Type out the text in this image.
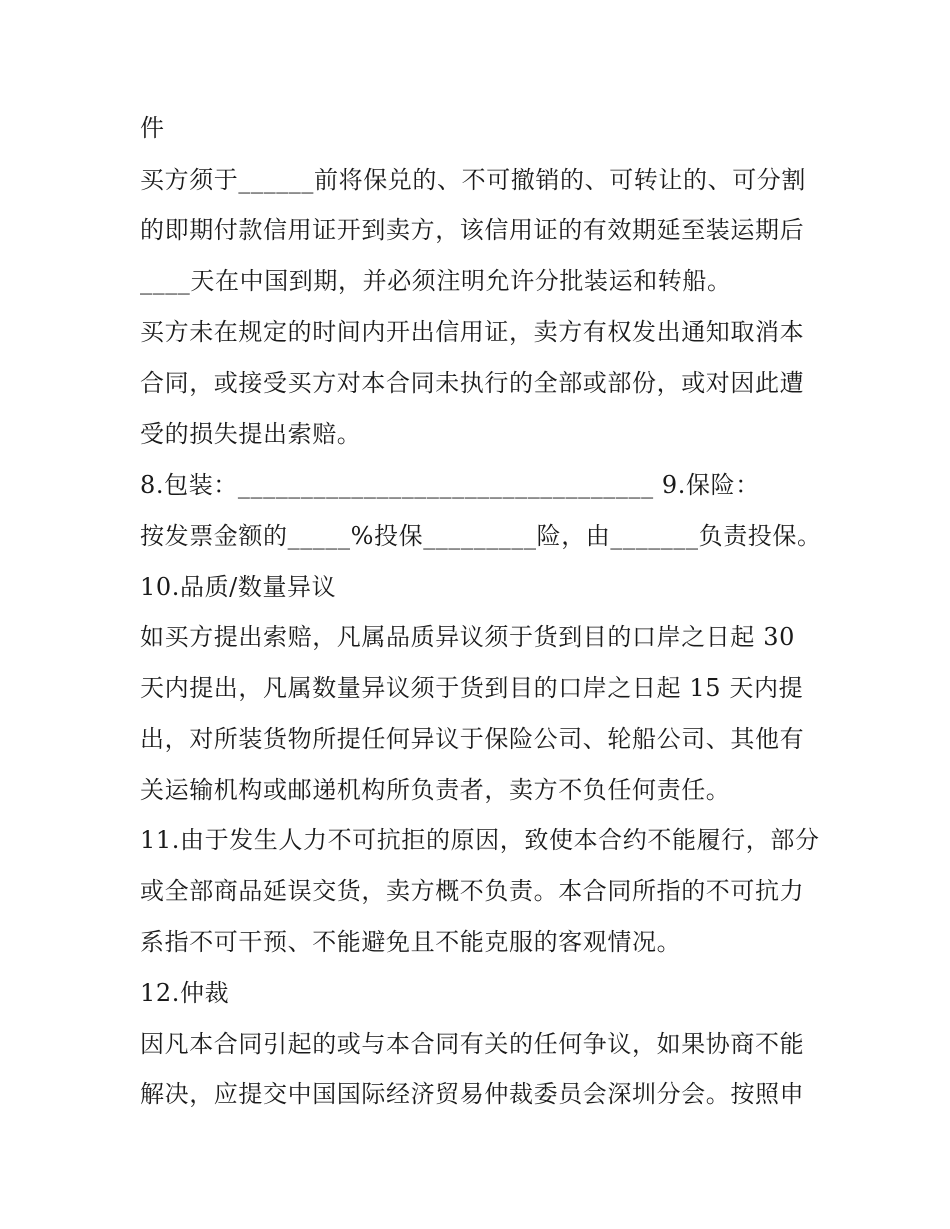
件
买方须于______前将保兑的、不可撤销的、可转让的、可分割
的即期付款信用证开到卖方，该信用证的有效期延至装运期后
____天在中国到期，并必须注明允许分批装运和转船。
买方未在规定的时间内开出信用证，卖方有权发出通知取消本
合同，或接受买方对本合同未执行的全部或部份，或对因此遭
受的损失提出索赔。
8.包装：_________________________________ 9.保险：
按发票金额的_____%投保_________险，由_______负责投保。
10.品质/数量异议
如买方提出索赔，凡属品质异议须于货到目的口岸之日起 30
天内提出，凡属数量异议须于货到目的口岸之日起 15 天内提
出，对所装货物所提任何异议于保险公司、轮船公司、其他有
关运输机构或邮递机构所负责者，卖方不负任何责任。
11.由于发生人力不可抗拒的原因，致使本合约不能履行，部分
或全部商品延误交货，卖方概不负责。本合同所指的不可抗力
系指不可干预、不能避免且不能克服的客观情况。
12.仲裁
因凡本合同引起的或与本合同有关的任何争议，如果协商不能
解决，应提交中国国际经济贸易仲裁委员会深圳分会。按照申
